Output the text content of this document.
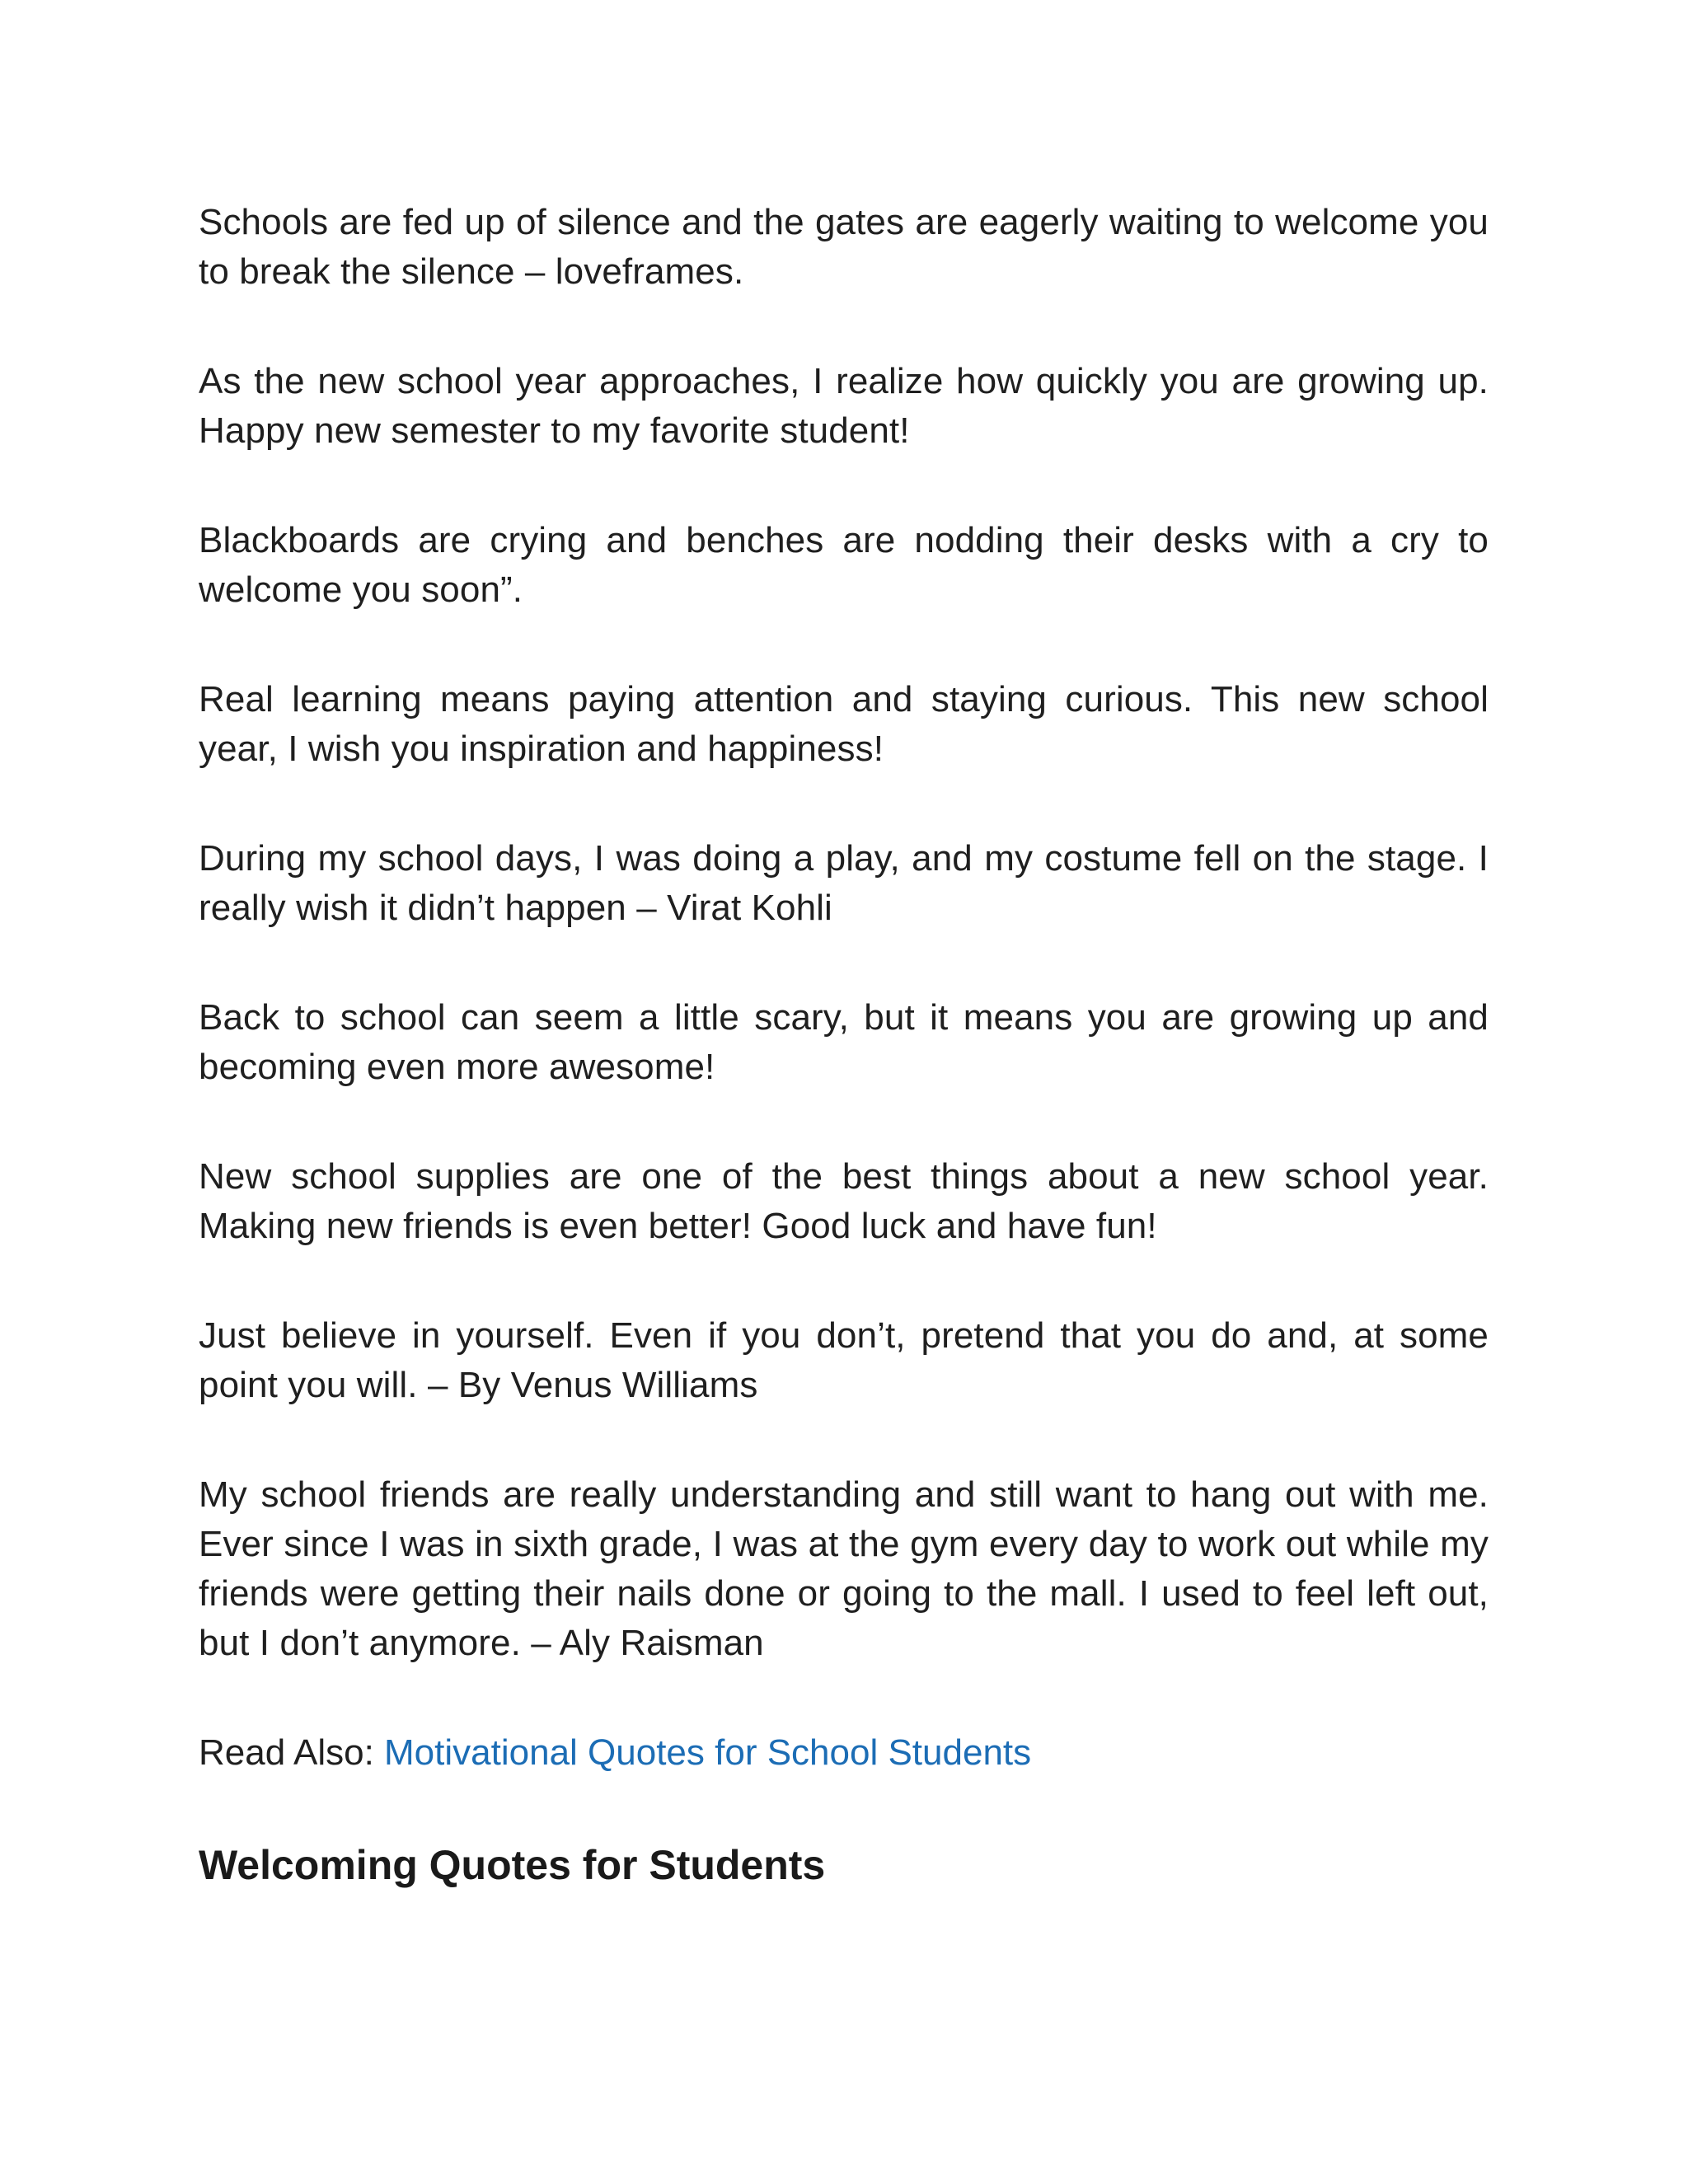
Schools are fed up of silence and the gates are eagerly waiting to welcome you to break the silence – loveframes.

As the new school year approaches, I realize how quickly you are growing up. Happy new semester to my favorite student!

Blackboards are crying and benches are nodding their desks with a cry to welcome you soon”.

Real learning means paying attention and staying curious. This new school year, I wish you inspiration and happiness!

During my school days, I was doing a play, and my costume fell on the stage. I really wish it didn’t happen – Virat Kohli

Back to school can seem a little scary, but it means you are growing up and becoming even more awesome!

New school supplies are one of the best things about a new school year. Making new friends is even better! Good luck and have fun!

Just believe in yourself. Even if you don’t, pretend that you do and, at some point you will. – By Venus Williams

My school friends are really understanding and still want to hang out with me. Ever since I was in sixth grade, I was at the gym every day to work out while my friends were getting their nails done or going to the mall. I used to feel left out, but I don’t anymore. – Aly Raisman

Read Also: Motivational Quotes for School Students

Welcoming Quotes for Students
